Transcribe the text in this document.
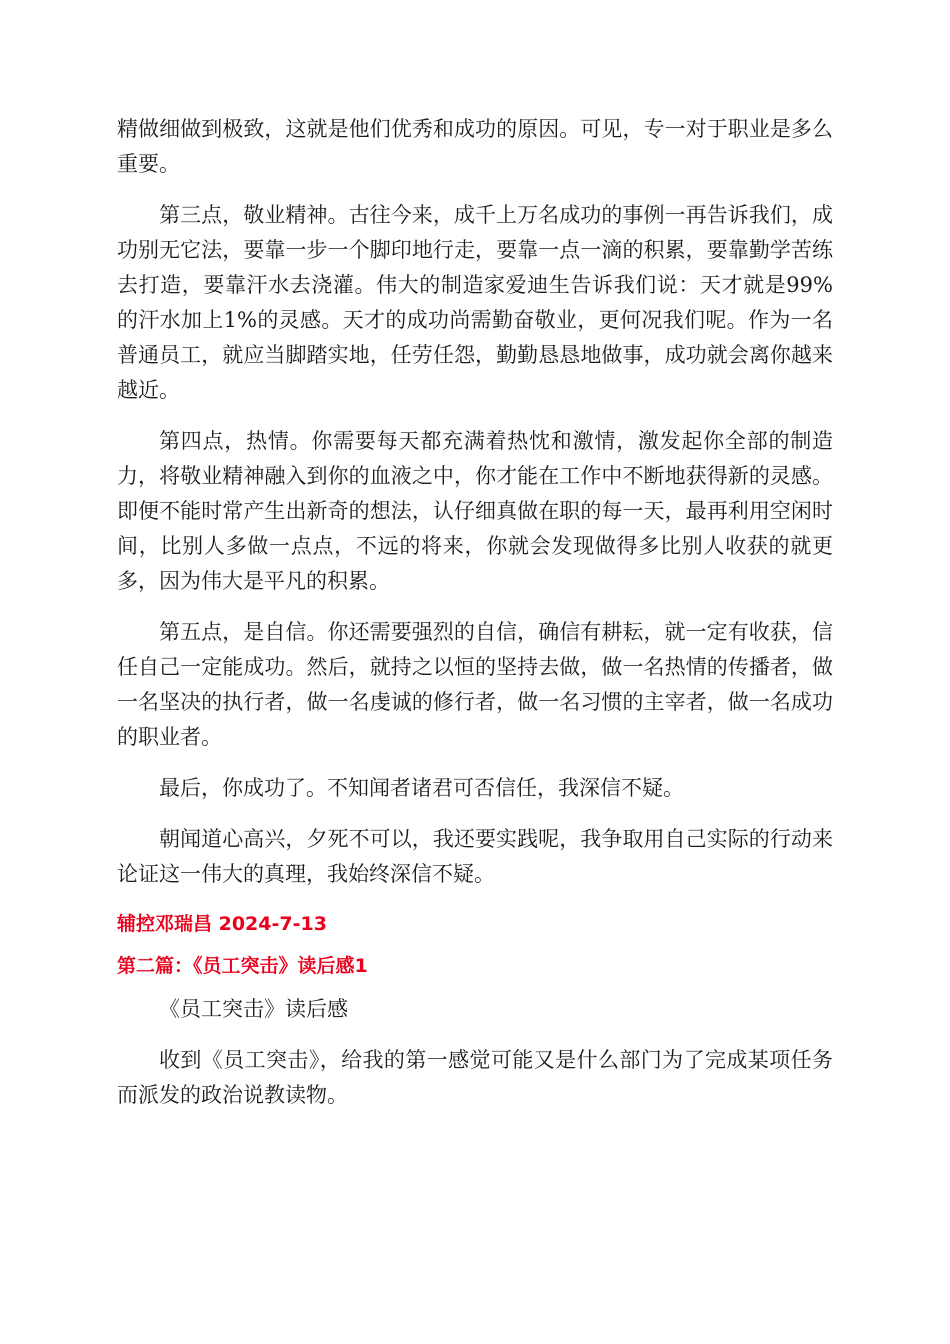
精做细做到极致，这就是他们优秀和成功的原因。可见，专一对于职业是多么重要。

第三点，敬业精神。古往今来，成千上万名成功的事例一再告诉我们，成功别无它法，要靠一步一个脚印地行走，要靠一点一滴的积累，要靠勤学苦练去打造，要靠汗水去浇灌。伟大的制造家爱迪生告诉我们说：天才就是99%的汗水加上1%的灵感。天才的成功尚需勤奋敬业，更何况我们呢。作为一名普通员工，就应当脚踏实地，任劳任怨，勤勤恳恳地做事，成功就会离你越来越近。

第四点，热情。你需要每天都充满着热忱和激情，激发起你全部的制造力，将敬业精神融入到你的血液之中，你才能在工作中不断地获得新的灵感。即便不能时常产生出新奇的想法，认仔细真做在职的每一天，最再利用空闲时间，比别人多做一点点，不远的将来，你就会发现做得多比别人收获的就更多，因为伟大是平凡的积累。

第五点，是自信。你还需要强烈的自信，确信有耕耘，就一定有收获，信任自己一定能成功。然后，就持之以恒的坚持去做，做一名热情的传播者，做一名坚决的执行者，做一名虔诚的修行者，做一名习惯的主宰者，做一名成功的职业者。

最后，你成功了。不知闻者诸君可否信任，我深信不疑。

朝闻道心高兴，夕死不可以，我还要实践呢，我争取用自己实际的行动来论证这一伟大的真理，我始终深信不疑。

辅控邓瑞昌 2024-7-13
第二篇：《员工突击》读后感1
《员工突击》读后感

收到《员工突击》，给我的第一感觉可能又是什么部门为了完成某项任务而派发的政治说教读物。
